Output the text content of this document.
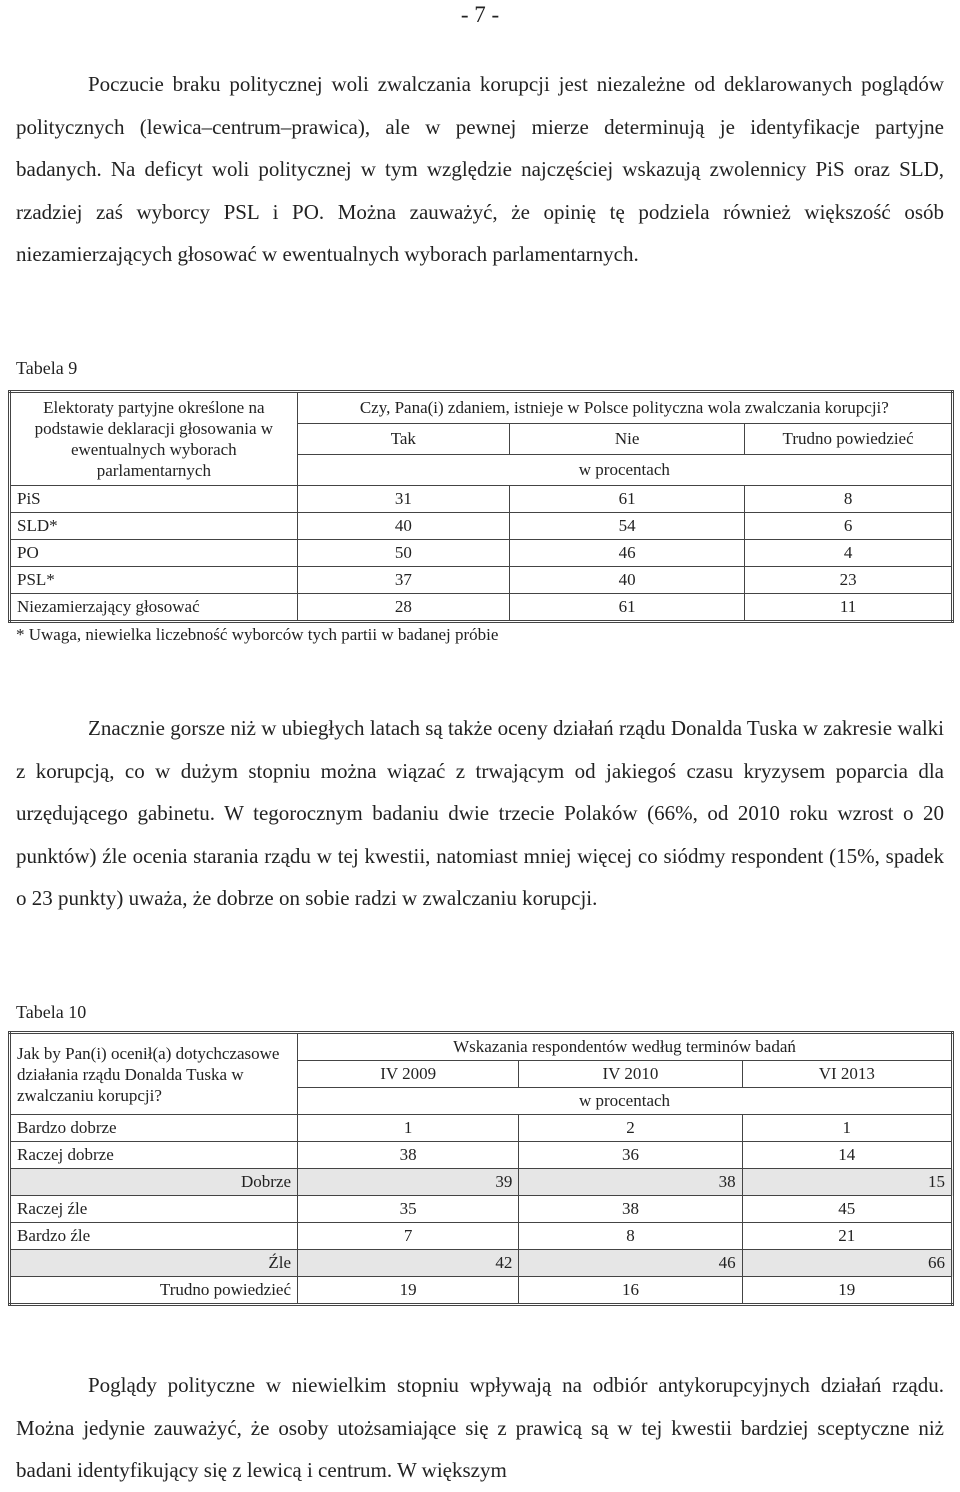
- 7 -
Poczucie braku politycznej woli zwalczania korupcji jest niezależne od deklarowanych poglądów politycznych (lewica–centrum–prawica), ale w pewnej mierze determinują je identyfikacje partyjne badanych. Na deficyt woli politycznej w tym względzie najczęściej wskazują zwolennicy PiS oraz SLD, rzadziej zaś wyborcy PSL i PO. Można zauważyć, że opinię tę podziela również większość osób niezamierzających głosować w ewentualnych wyborach parlamentarnych.
Tabela 9
Elektoraty partyjne określone na podstawie deklaracji głosowania w ewentualnych wyborach parlamentarnych	Czy, Pana(i) zdaniem, istnieje w Polsce polityczna wola zwalczania korupcji?		
	Tak	Nie	Trudno powiedzieć
	w procentach		
PiS	31	61	8
SLD*	40	54	6
PO	50	46	4
PSL*	37	40	23
Niezamierzający głosować	28	61	11
* Uwaga, niewielka liczebność wyborców tych partii w badanej próbie
Znacznie gorsze niż w ubiegłych latach są także oceny działań rządu Donalda Tuska w zakresie walki z korupcją, co w dużym stopniu można wiązać z trwającym od jakiegoś czasu kryzysem poparcia dla urzędującego gabinetu. W tegorocznym badaniu dwie trzecie Polaków (66%, od 2010 roku wzrost o 20 punktów) źle ocenia starania rządu w tej kwestii, natomiast mniej więcej co siódmy respondent (15%, spadek o 23 punkty) uważa, że dobrze on sobie radzi w zwalczaniu korupcji.
Tabela 10
Jak by Pan(i) ocenił(a) dotychczasowe działania rządu Donalda Tuska w zwalczaniu korupcji?	Wskazania respondentów według terminów badań		
	IV 2009	IV 2010	VI 2013
	w procentach		
Bardzo dobrze	1	2	1
Raczej dobrze	38	36	14
Dobrze	39	38	15
Raczej źle	35	38	45
Bardzo źle	7	8	21
Źle	42	46	66
Trudno powiedzieć	19	16	19
Poglądy polityczne w niewielkim stopniu wpływają na odbiór antykorupcyjnych działań rządu. Można jedynie zauważyć, że osoby utożsamiające się z prawicą są w tej kwestii bardziej sceptyczne niż badani identyfikujący się z lewicą i centrum. W większym
